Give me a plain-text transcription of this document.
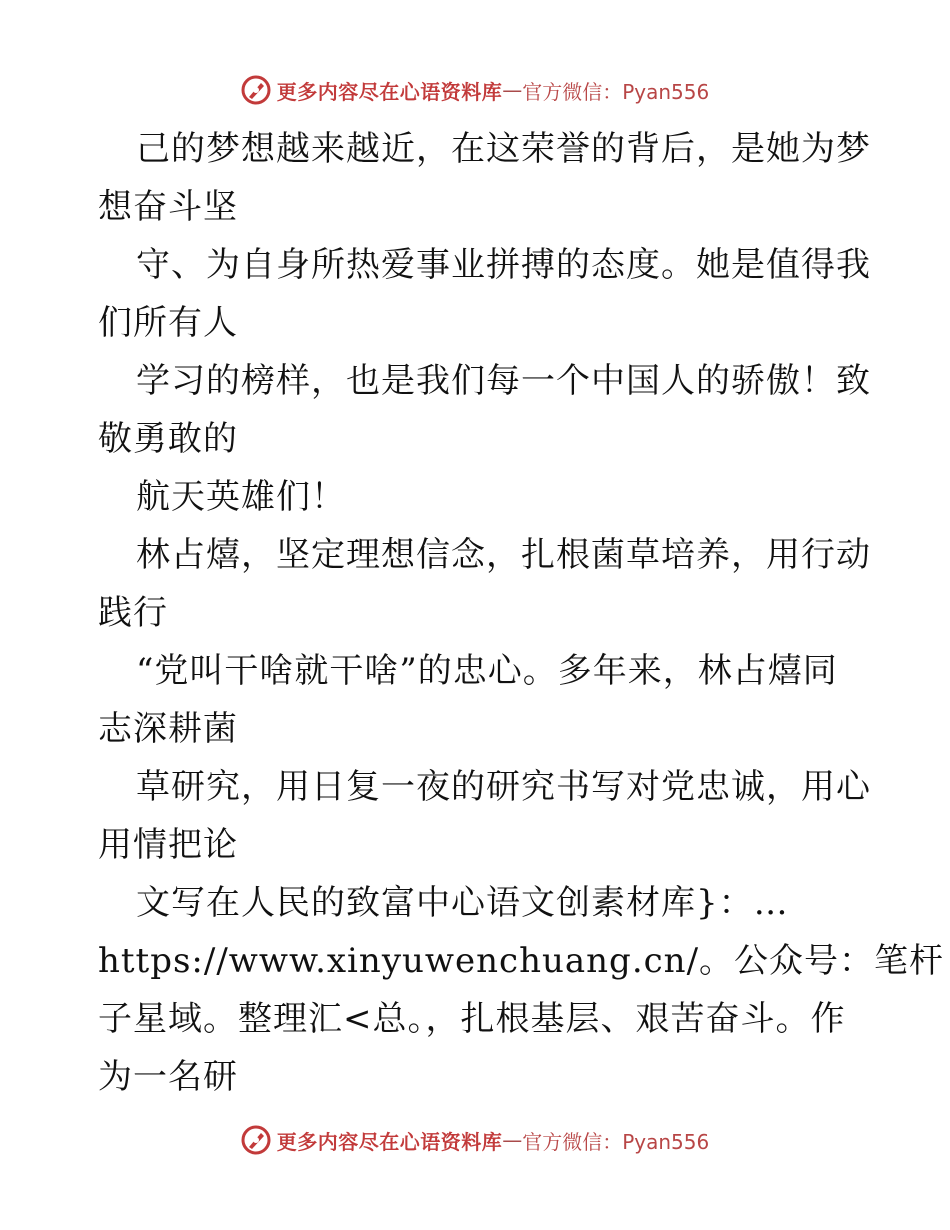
更多内容尽在心语资料库 — 官方微信：Pyan556
己的梦想越来越近，在这荣誉的背后，是她为梦
想奋斗坚
守、为自身所热爱事业拼搏的态度。她是值得我
们所有人
学习的榜样，也是我们每一个中国人的骄傲！致
敬勇敢的
航天英雄们！
林占熺，坚定理想信念，扎根菌草培养，用行动
践行
“党叫干啥就干啥”的忠心。多年来，林占熺同
志深耕菌
草研究，用日复一夜的研究书写对党忠诚，用心
用情把论
文写在人民的致富中心语文创素材库}：…
https://www.xinyuwenchuang.cn/。公众号：笔杆
子星域。整理汇<总。，扎根基层、艰苦奋斗。作
为一名研
更多内容尽在心语资料库 — 官方微信：Pyan556
